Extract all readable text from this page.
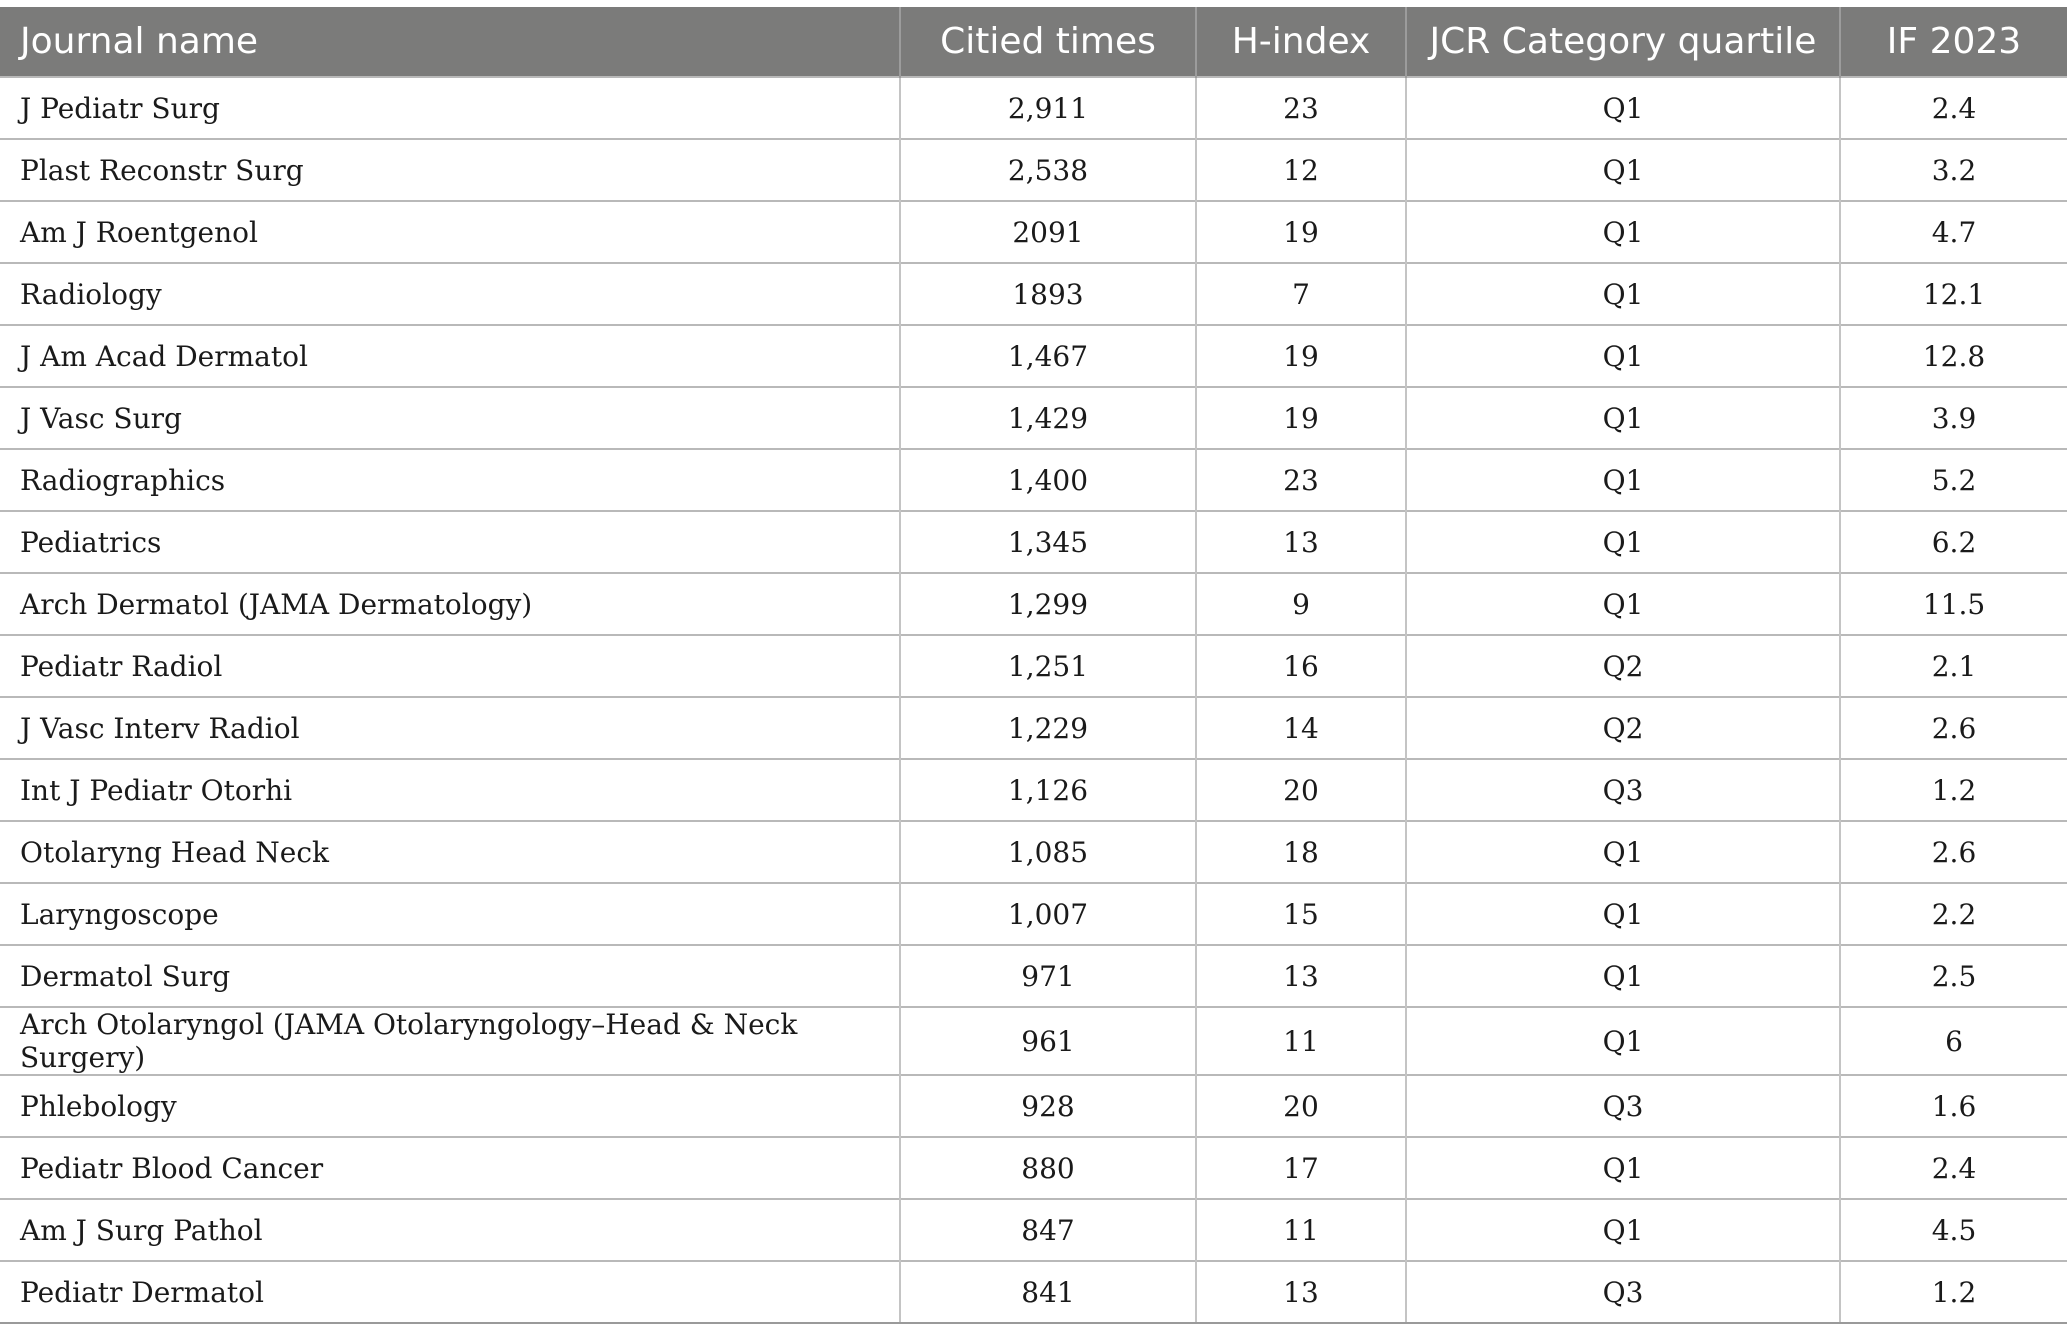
Journal name	Citied times	H-index	JCR Category quartile	IF 2023
J Pediatr Surg	2,911	23	Q1	2.4
Plast Reconstr Surg	2,538	12	Q1	3.2
Am J Roentgenol	2091	19	Q1	4.7
Radiology	1893	7	Q1	12.1
J Am Acad Dermatol	1,467	19	Q1	12.8
J Vasc Surg	1,429	19	Q1	3.9
Radiographics	1,400	23	Q1	5.2
Pediatrics	1,345	13	Q1	6.2
Arch Dermatol (JAMA Dermatology)	1,299	9	Q1	11.5
Pediatr Radiol	1,251	16	Q2	2.1
J Vasc Interv Radiol	1,229	14	Q2	2.6
Int J Pediatr Otorhi	1,126	20	Q3	1.2
Otolaryng Head Neck	1,085	18	Q1	2.6
Laryngoscope	1,007	15	Q1	2.2
Dermatol Surg	971	13	Q1	2.5
Arch Otolaryngol (JAMA Otolaryngology–Head & Neck Surgery)	961	11	Q1	6
Phlebology	928	20	Q3	1.6
Pediatr Blood Cancer	880	17	Q1	2.4
Am J Surg Pathol	847	11	Q1	4.5
Pediatr Dermatol	841	13	Q3	1.2
